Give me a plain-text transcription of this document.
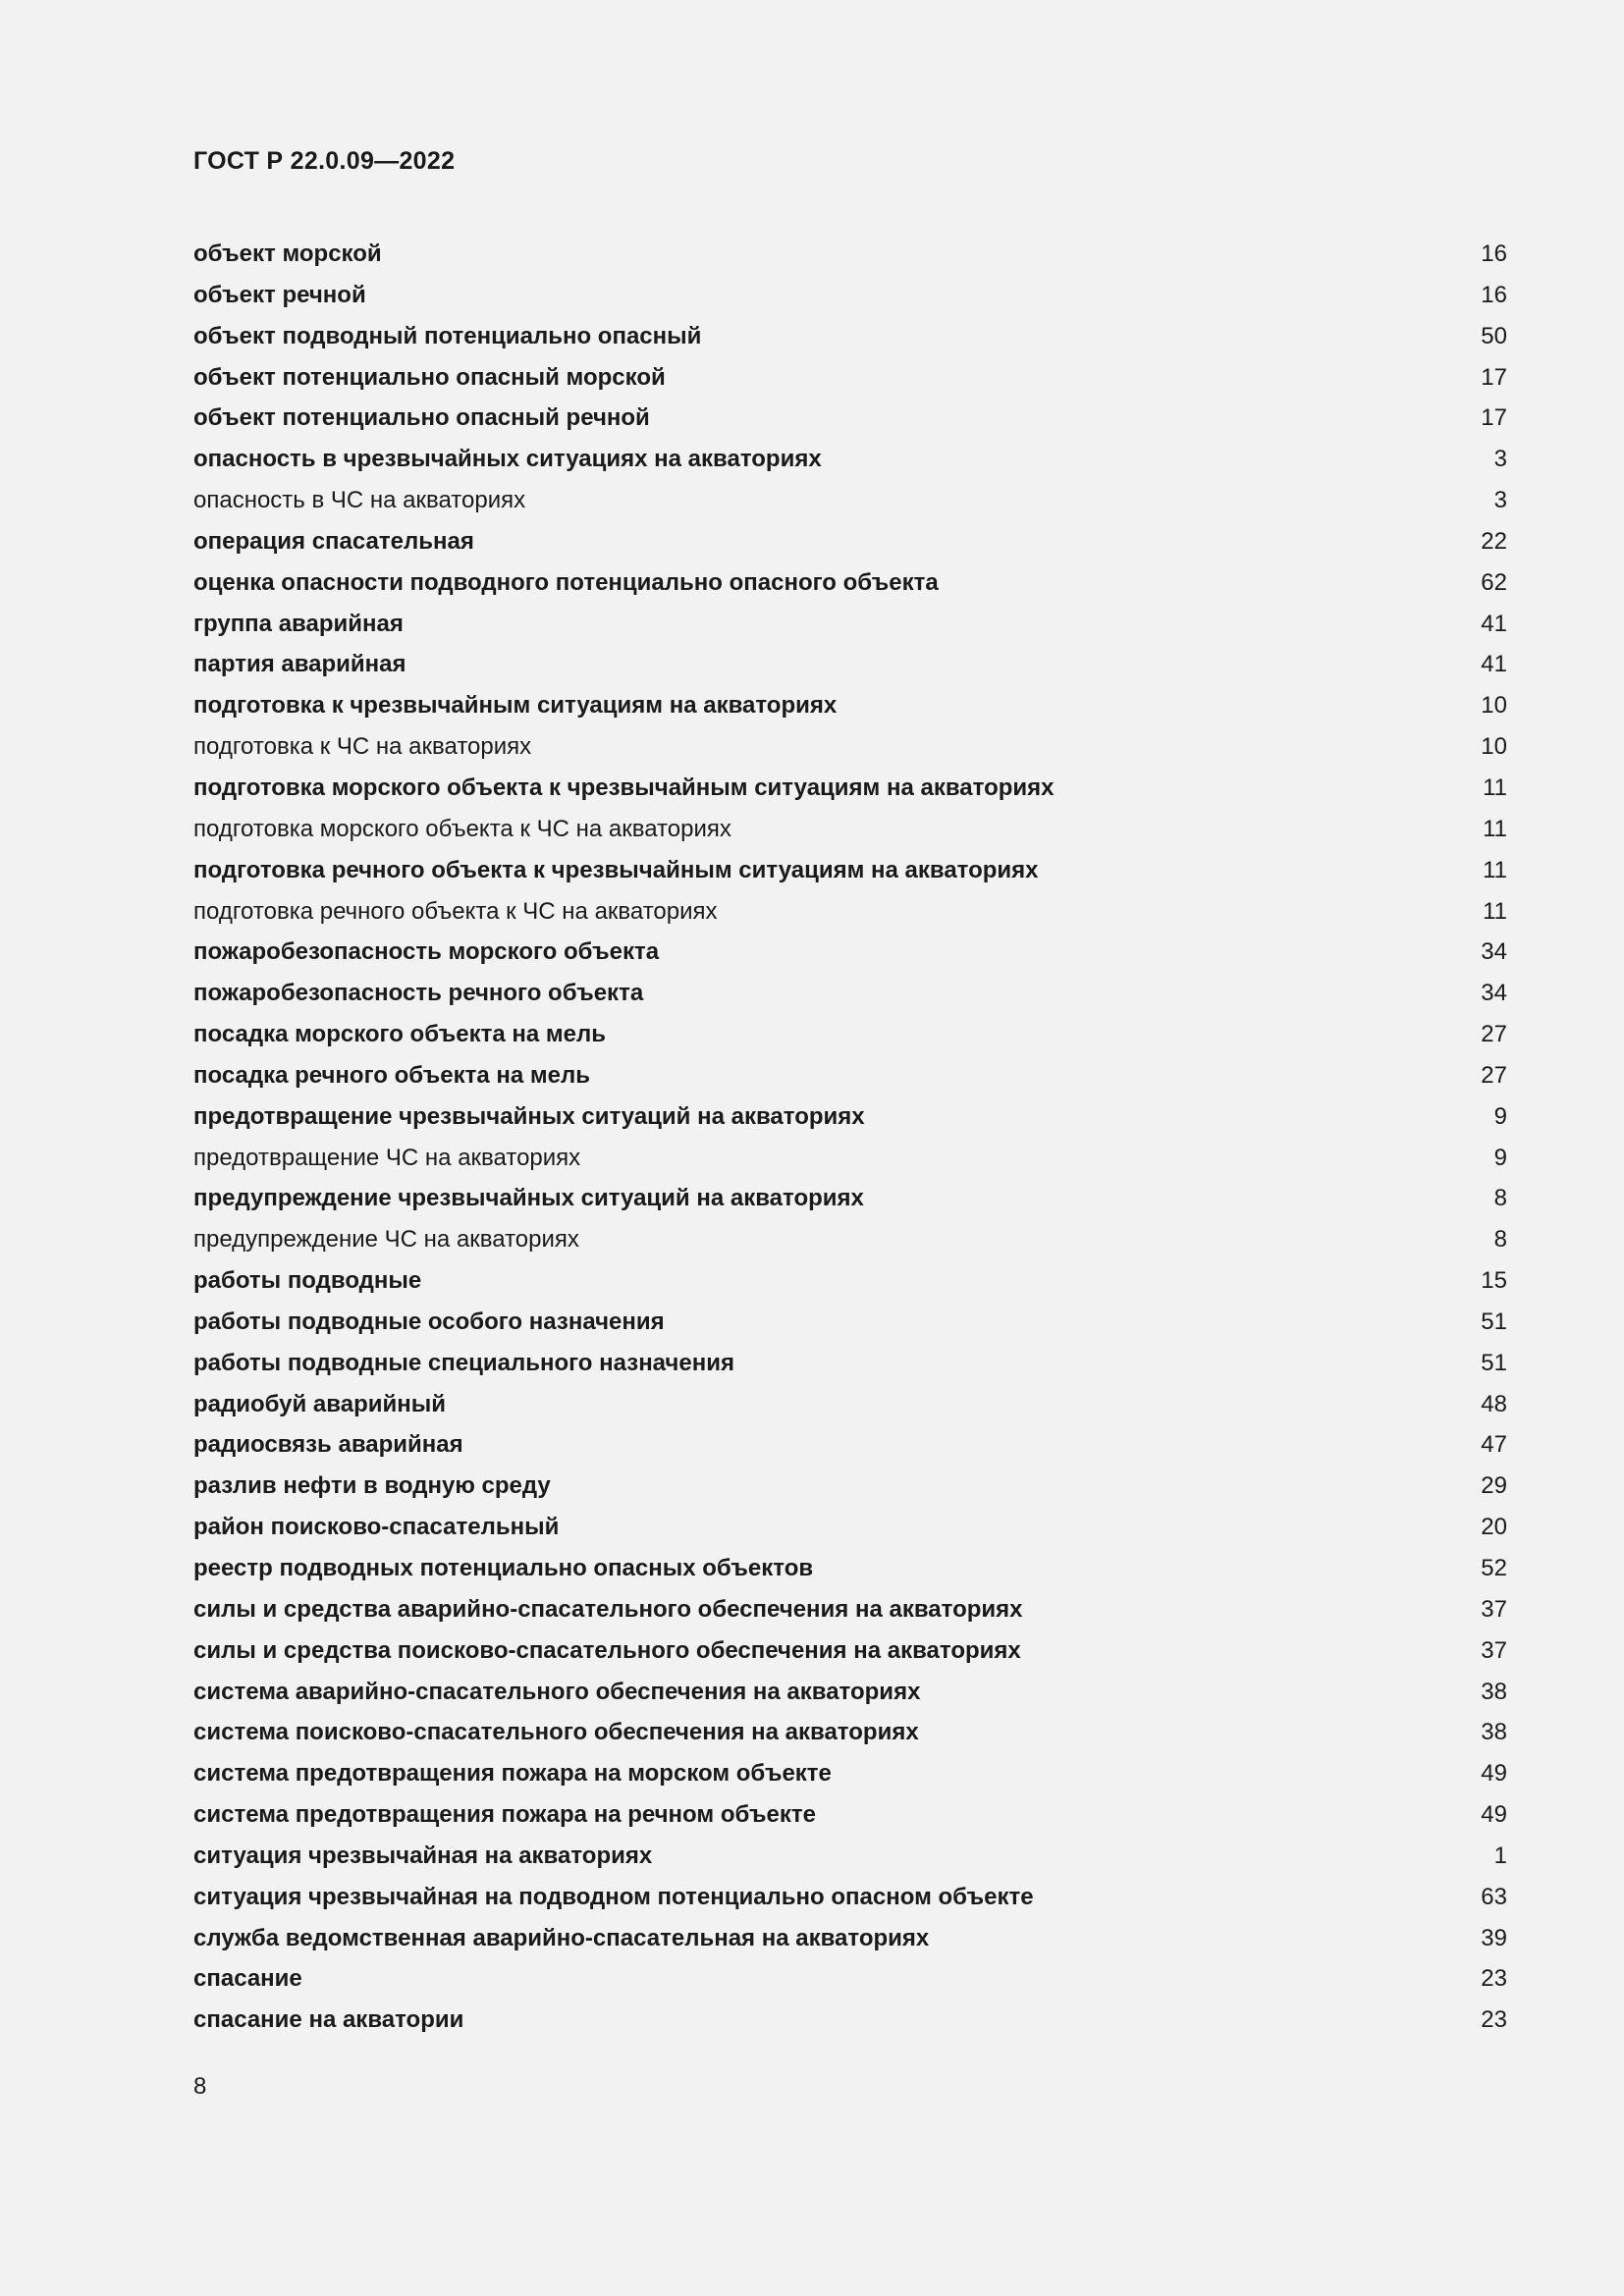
ГОСТ Р 22.0.09—2022
объект морской	16
объект речной	16
объект подводный потенциально опасный	50
объект потенциально опасный морской	17
объект потенциально опасный речной	17
опасность в чрезвычайных ситуациях на акваториях	3
опасность в ЧС на акваториях	3
операция спасательная	22
оценка опасности подводного потенциально опасного объекта	62
группа аварийная	41
партия аварийная	41
подготовка к чрезвычайным ситуациям на акваториях	10
подготовка к ЧС на акваториях	10
подготовка морского объекта к чрезвычайным ситуациям на акваториях	11
подготовка морского объекта к ЧС на акваториях	11
подготовка речного объекта к чрезвычайным ситуациям на акваториях	11
подготовка речного объекта к ЧС на акваториях	11
пожаробезопасность морского объекта	34
пожаробезопасность речного объекта	34
посадка морского объекта на мель	27
посадка речного объекта на мель	27
предотвращение чрезвычайных ситуаций на акваториях	9
предотвращение ЧС на акваториях	9
предупреждение чрезвычайных ситуаций на акваториях	8
предупреждение ЧС на акваториях	8
работы подводные	15
работы подводные особого назначения	51
работы подводные специального назначения	51
радиобуй аварийный	48
радиосвязь аварийная	47
разлив нефти в водную среду	29
район поисково-спасательный	20
реестр подводных потенциально опасных объектов	52
силы и средства аварийно-спасательного обеспечения на акваториях	37
силы и средства поисково-спасательного обеспечения на акваториях	37
система аварийно-спасательного обеспечения на акваториях	38
система поисково-спасательного обеспечения на акваториях	38
система предотвращения пожара на морском объекте	49
система предотвращения пожара на речном объекте	49
ситуация чрезвычайная на акваториях	1
ситуация чрезвычайная на подводном потенциально опасном объекте	63
служба ведомственная аварийно-спасательная на акваториях	39
спасание	23
спасание на акватории	23
8
